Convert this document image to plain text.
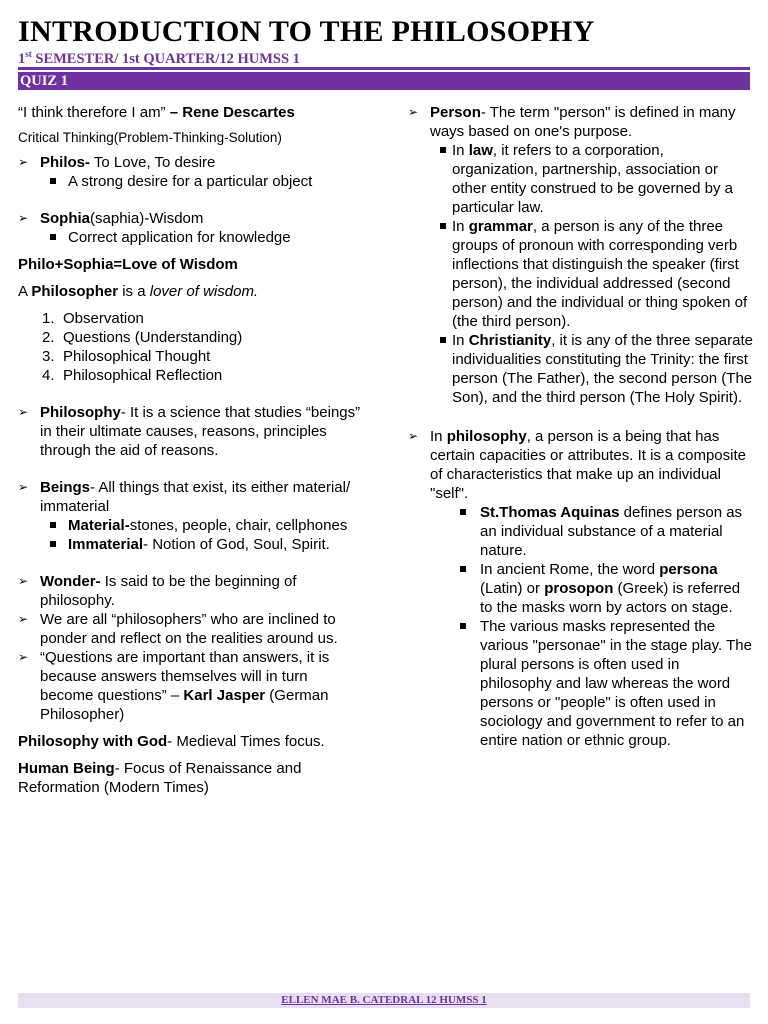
INTRODUCTION TO THE PHILOSOPHY
1st SEMESTER/ 1st QUARTER/12 HUMSS 1
QUIZ 1

“I think therefore I am” – Rene Descartes

Critical Thinking(Problem-Thinking-Solution)

➢ Philos- To Love, To desire

A strong desire for a particular object

➢ Sophia(saphia)-Wisdom

Correct application for knowledge

Philo+Sophia=Love of Wisdom

A Philosopher is a lover of wisdom.

1. Observation

2. Questions (Understanding)

3. Philosophical Thought

4. Philosophical Reflection

➢ Philosophy- It is a science that studies “beings” in their ultimate causes, reasons, principles through the aid of reasons.

➢ Beings- All things that exist, its either material/ immaterial

Material-stones, people, chair, cellphones

Immaterial- Notion of God, Soul, Spirit.

➢ Wonder- Is said to be the beginning of philosophy.

➢ We are all “philosophers” who are inclined to ponder and reflect on the realities around us.

➢ “Questions are important than answers, it is because answers themselves will in turn become questions” – Karl Jasper (German Philosopher)

Philosophy with God- Medieval Times focus.

Human Being- Focus of Renaissance and Reformation (Modern Times)

➢ Person- The term "person" is defined in many ways based on one's purpose.

In law, it refers to a corporation, organization, partnership, association or other entity construed to be governed by a particular law.

In grammar, a person is any of the three groups of pronoun with corresponding verb inflections that distinguish the speaker (first person), the individual addressed (second person) and the individual or thing spoken of (the third person).

In Christianity, it is any of the three separate individualities constituting the Trinity: the first person (The Father), the second person (The Son), and the third person (The Holy Spirit).

➢ In philosophy, a person is a being that has certain capacities or attributes. It is a composite of characteristics that make up an individual "self".

St.Thomas Aquinas defines person as an individual substance of a material nature.

In ancient Rome, the word persona (Latin) or prosopon (Greek) is referred to the masks worn by actors on stage.

The various masks represented the various "personae" in the stage play. The plural persons is often used in philosophy and law whereas the word persons or "people" is often used in sociology and government to refer to an entire nation or ethnic group.

ELLEN MAE B. CATEDRAL 12 HUMSS 1
